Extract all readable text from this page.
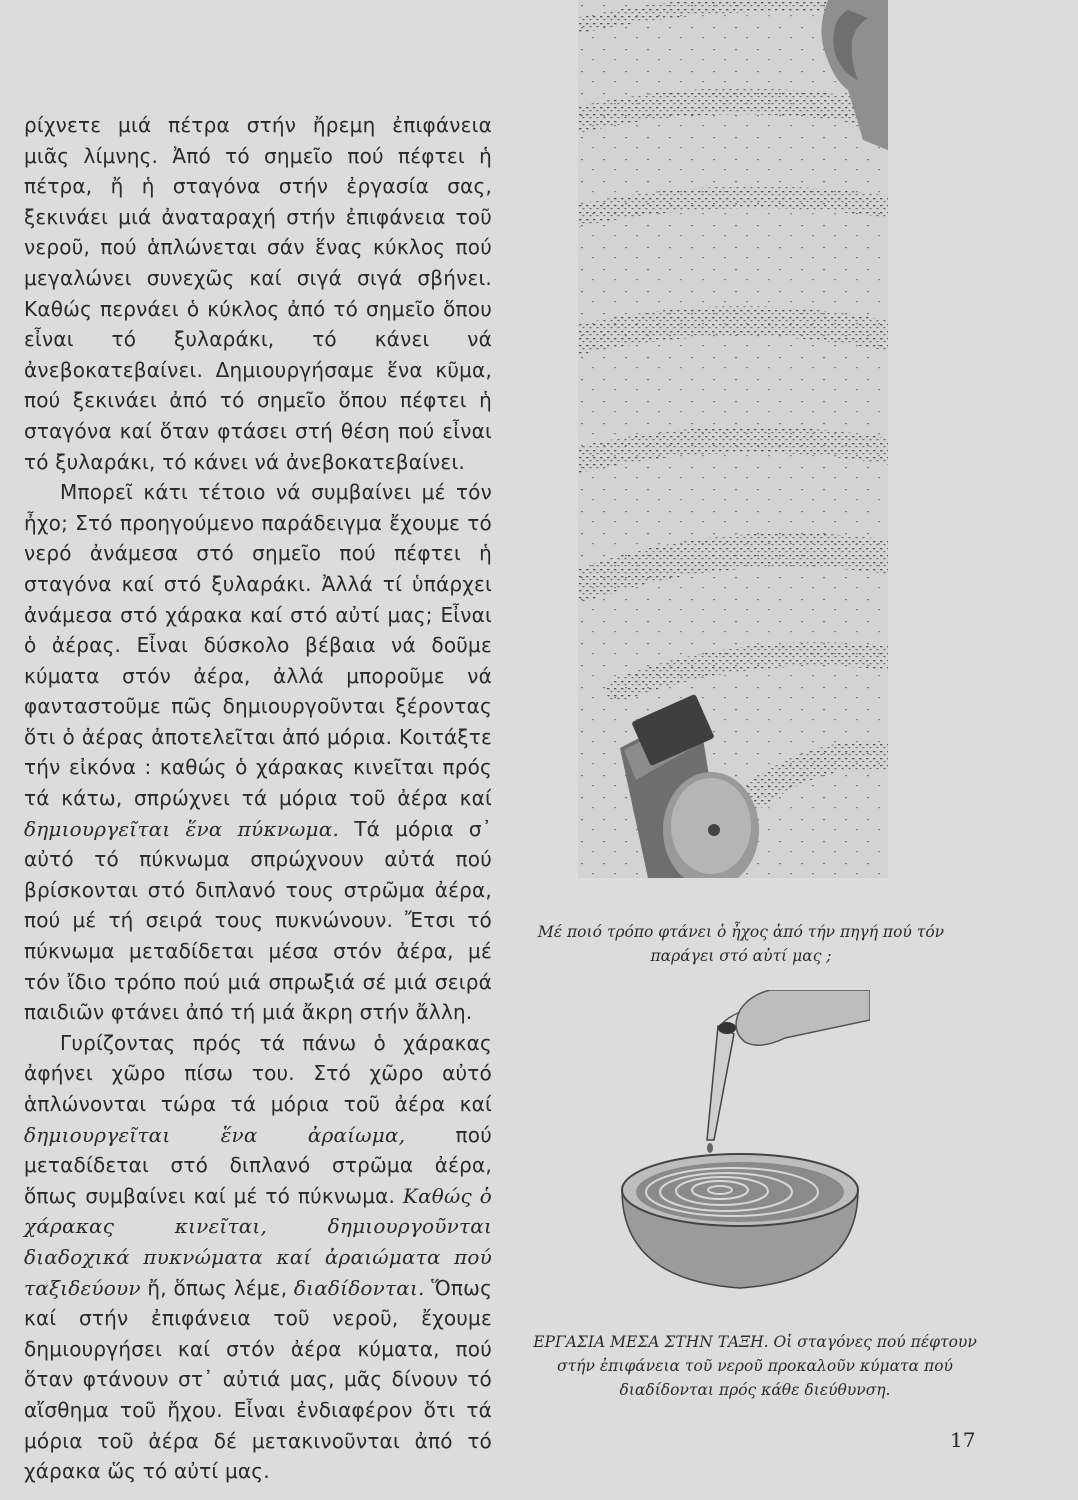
ρίχνετε μιά πέτρα στήν ἤρεμη ἐπιφάνεια μιᾶς λίμνης. Ἀπό τό σημεῖο πού πέφτει ἡ πέτρα, ἤ ἡ σταγόνα στήν ἐργασία σας, ξεκινάει μιά ἀναταραχή στήν ἐπιφάνεια τοῦ νεροῦ, πού ἁπλώνεται σάν ἕνας κύκλος πού μεγαλώνει συνεχῶς καί σιγά σιγά σβήνει. Καθώς περνάει ὁ κύκλος ἀπό τό σημεῖο ὅπου εἶναι τό ξυλαράκι, τό κάνει νά ἀνεβοκατεβαίνει. Δημιουργήσαμε ἕνα κῦμα, πού ξεκινάει ἀπό τό σημεῖο ὅπου πέφτει ἡ σταγόνα καί ὅταν φτάσει στή θέση πού εἶναι τό ξυλαράκι, τό κάνει νά ἀνεβοκατεβαίνει.

Μπορεῖ κάτι τέτοιο νά συμβαίνει μέ τόν ἦχο; Στό προηγούμενο παράδειγμα ἔχουμε τό νερό ἀνάμεσα στό σημεῖο πού πέφτει ἡ σταγόνα καί στό ξυλαράκι. Ἀλλά τί ὑπάρχει ἀνάμεσα στό χάρακα καί στό αὐτί μας; Εἶναι ὁ ἀέρας. Εἶναι δύσκολο βέβαια νά δοῦμε κύματα στόν ἀέρα, ἀλλά μποροῦμε νά φανταστοῦμε πῶς δημιουργοῦνται ξέροντας ὅτι ὁ ἀέρας ἀποτελεῖται ἀπό μόρια. Κοιτάξτε τήν εἰκόνα : καθώς ὁ χάρακας κινεῖται πρός τά κάτω, σπρώχνει τά μόρια τοῦ ἀέρα καί δημιουργεῖται ἕνα πύκνωμα. Τά μόρια σ᾿ αὐτό τό πύκνωμα σπρώχνουν αὐτά πού βρίσκονται στό διπλανό τους στρῶμα ἀέρα, πού μέ τή σειρά τους πυκνώνουν. Ἔτσι τό πύκνωμα μεταδίδεται μέσα στόν ἀέρα, μέ τόν ἴδιο τρόπο πού μιά σπρωξιά σέ μιά σειρά παιδιῶν φτάνει ἀπό τή μιά ἄκρη στήν ἄλλη.

Γυρίζοντας πρός τά πάνω ὁ χάρακας ἀφήνει χῶρο πίσω του. Στό χῶρο αὐτό ἁπλώνονται τώρα τά μόρια τοῦ ἀέρα καί δημιουργεῖται ἕνα ἀραίωμα, πού μεταδίδεται στό διπλανό στρῶμα ἀέρα, ὅπως συμβαίνει καί μέ τό πύκνωμα. Καθώς ὁ χάρακας κινεῖται, δημιουργοῦνται διαδοχικά πυκνώματα καί ἀραιώματα πού ταξιδεύουν ἤ, ὅπως λέμε, διαδίδονται. Ὅπως καί στήν ἐπιφάνεια τοῦ νεροῦ, ἔχουμε δημιουργήσει καί στόν ἀέρα κύματα, πού ὅταν φτάνουν στ᾿ αὐτιά μας, μᾶς δίνουν τό αἴσθημα τοῦ ἤχου. Εἶναι ἐνδιαφέρον ὅτι τά μόρια τοῦ ἀέρα δέ μετακινοῦνται ἀπό τό χάρακα ὥς τό αὐτί μας.

Μέ ποιό τρόπο φτάνει ὁ ἦχος ἀπό τήν πηγή πού τόν παράγει στό αὐτί μας ;
ΕΡΓΑΣΙΑ ΜΕΣΑ ΣΤΗΝ ΤΑΞΗ. Οἱ σταγόνες πού πέφτουν στήν ἐπιφάνεια τοῦ νεροῦ προκαλοῦν κύματα πού διαδίδονται πρός κάθε διεύθυνση.
17
